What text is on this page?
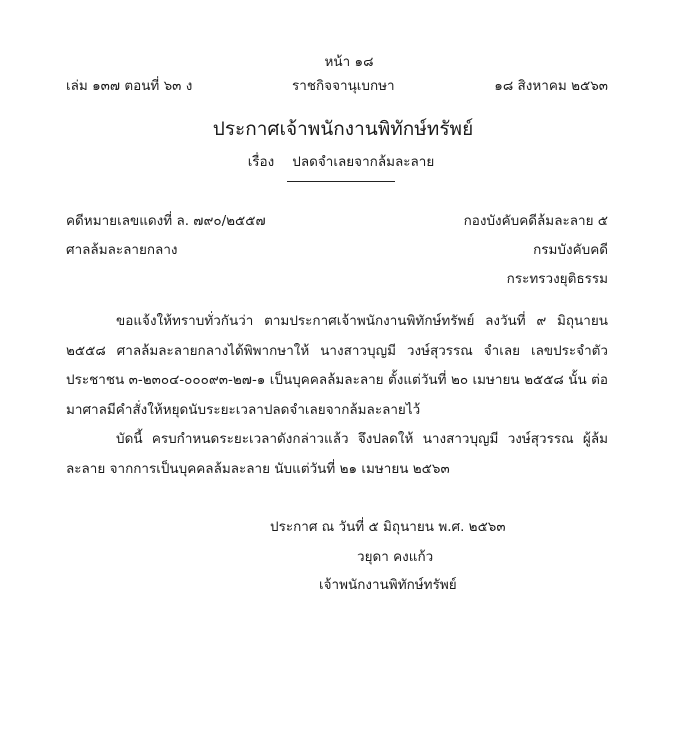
หน้า ๑๘
เล่ม ๑๓๗ ตอนที่ ๖๓ ง	ราชกิจจานุเบกษา	๑๘ สิงหาคม ๒๕๖๓
ประกาศเจ้าพนักงานพิทักษ์ทรัพย์
เรื่อง ปลดจำเลยจากล้มละลาย
คดีหมายเลขแดงที่ ล. ๗๙๐/๒๕๕๗	กองบังคับคดีล้มละลาย ๕
ศาลล้มละลายกลาง	กรมบังคับคดี
กระทรวงยุติธรรม

ขอแจ้งให้ทราบทั่วกันว่า ตามประกาศเจ้าพนักงานพิทักษ์ทรัพย์ ลงวันที่ ๙ มิถุนายน ๒๕๕๘ ศาลล้มละลายกลางได้พิพากษาให้ นางสาวบุญมี วงษ์สุวรรณ จำเลย เลขประจำตัวประชาชน ๓-๒๓๐๔-๐๐๐๙๓-๒๗-๑ เป็นบุคคลล้มละลาย ตั้งแต่วันที่ ๒๐ เมษายน ๒๕๕๘ นั้น ต่อมาศาลมีคำสั่งให้หยุดนับระยะเวลาปลดจำเลยจากล้มละลายไว้

บัดนี้ ครบกำหนดระยะเวลาดังกล่าวแล้ว จึงปลดให้ นางสาวบุญมี วงษ์สุวรรณ ผู้ล้มละลาย จากการเป็นบุคคลล้มละลาย นับแต่วันที่ ๒๑ เมษายน ๒๕๖๓

ประกาศ ณ วันที่ ๕ มิถุนายน พ.ศ. ๒๕๖๓
วยุดา คงแก้ว
เจ้าพนักงานพิทักษ์ทรัพย์
